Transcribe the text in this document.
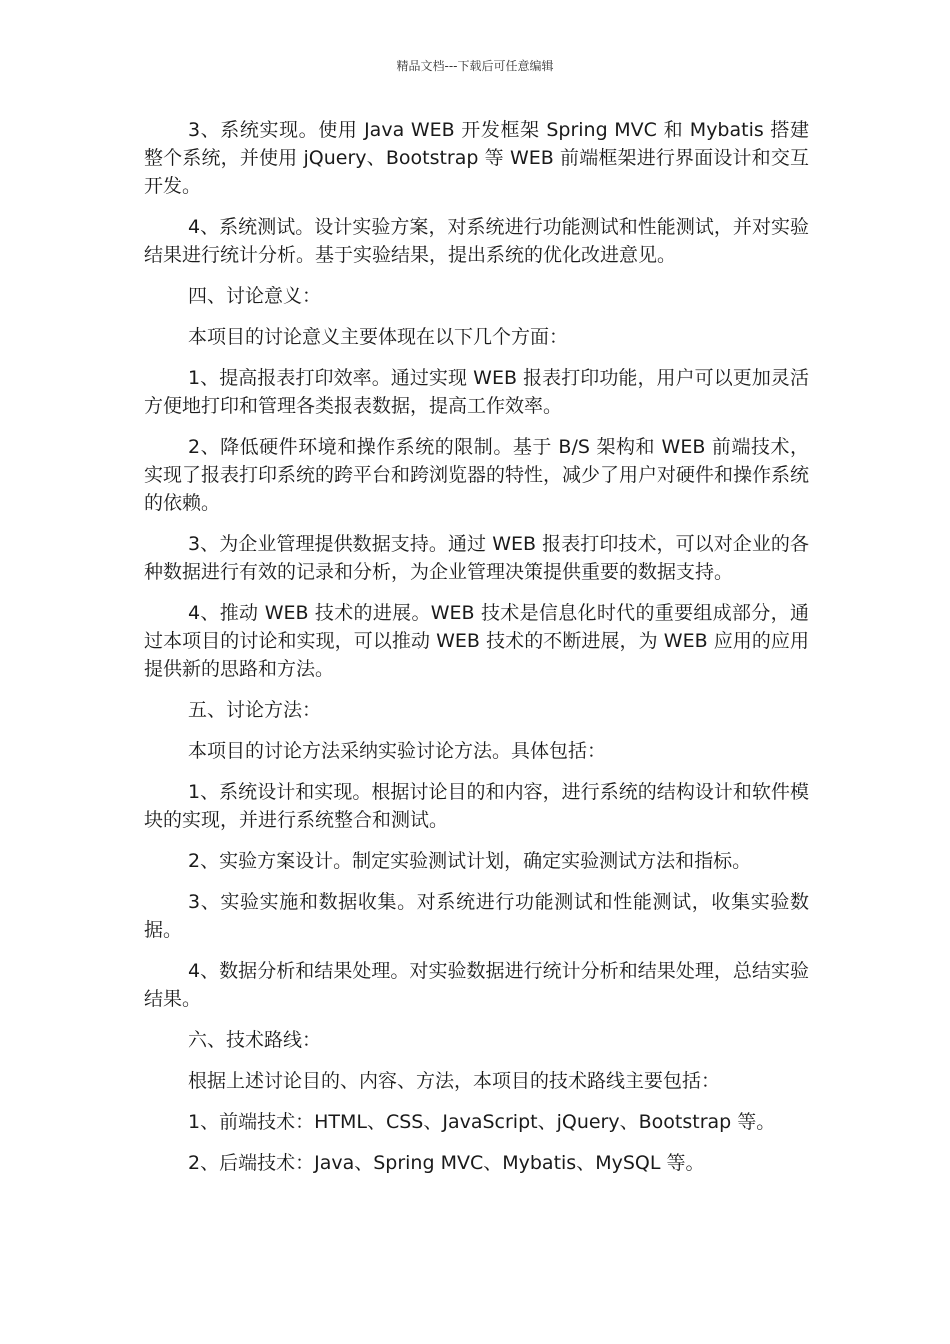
精品文档---下载后可任意编辑

3、系统实现。使用 Java WEB 开发框架 Spring MVC 和 Mybatis 搭建整个系统，并使用 jQuery、Bootstrap 等 WEB 前端框架进行界面设计和交互开发。

4、系统测试。设计实验方案，对系统进行功能测试和性能测试，并对实验结果进行统计分析。基于实验结果，提出系统的优化改进意见。

四、讨论意义：

本项目的讨论意义主要体现在以下几个方面：

1、提高报表打印效率。通过实现 WEB 报表打印功能，用户可以更加灵活方便地打印和管理各类报表数据，提高工作效率。

2、降低硬件环境和操作系统的限制。基于 B/S 架构和 WEB 前端技术，实现了报表打印系统的跨平台和跨浏览器的特性，减少了用户对硬件和操作系统的依赖。

3、为企业管理提供数据支持。通过 WEB 报表打印技术，可以对企业的各种数据进行有效的记录和分析，为企业管理决策提供重要的数据支持。

4、推动 WEB 技术的进展。WEB 技术是信息化时代的重要组成部分，通过本项目的讨论和实现，可以推动 WEB 技术的不断进展，为 WEB 应用的应用提供新的思路和方法。

五、讨论方法：

本项目的讨论方法采纳实验讨论方法。具体包括：

1、系统设计和实现。根据讨论目的和内容，进行系统的结构设计和软件模块的实现，并进行系统整合和测试。

2、实验方案设计。制定实验测试计划，确定实验测试方法和指标。

3、实验实施和数据收集。对系统进行功能测试和性能测试，收集实验数据。

4、数据分析和结果处理。对实验数据进行统计分析和结果处理，总结实验结果。

六、技术路线：

根据上述讨论目的、内容、方法，本项目的技术路线主要包括：

1、前端技术：HTML、CSS、JavaScript、jQuery、Bootstrap 等。

2、后端技术：Java、Spring MVC、Mybatis、MySQL 等。
